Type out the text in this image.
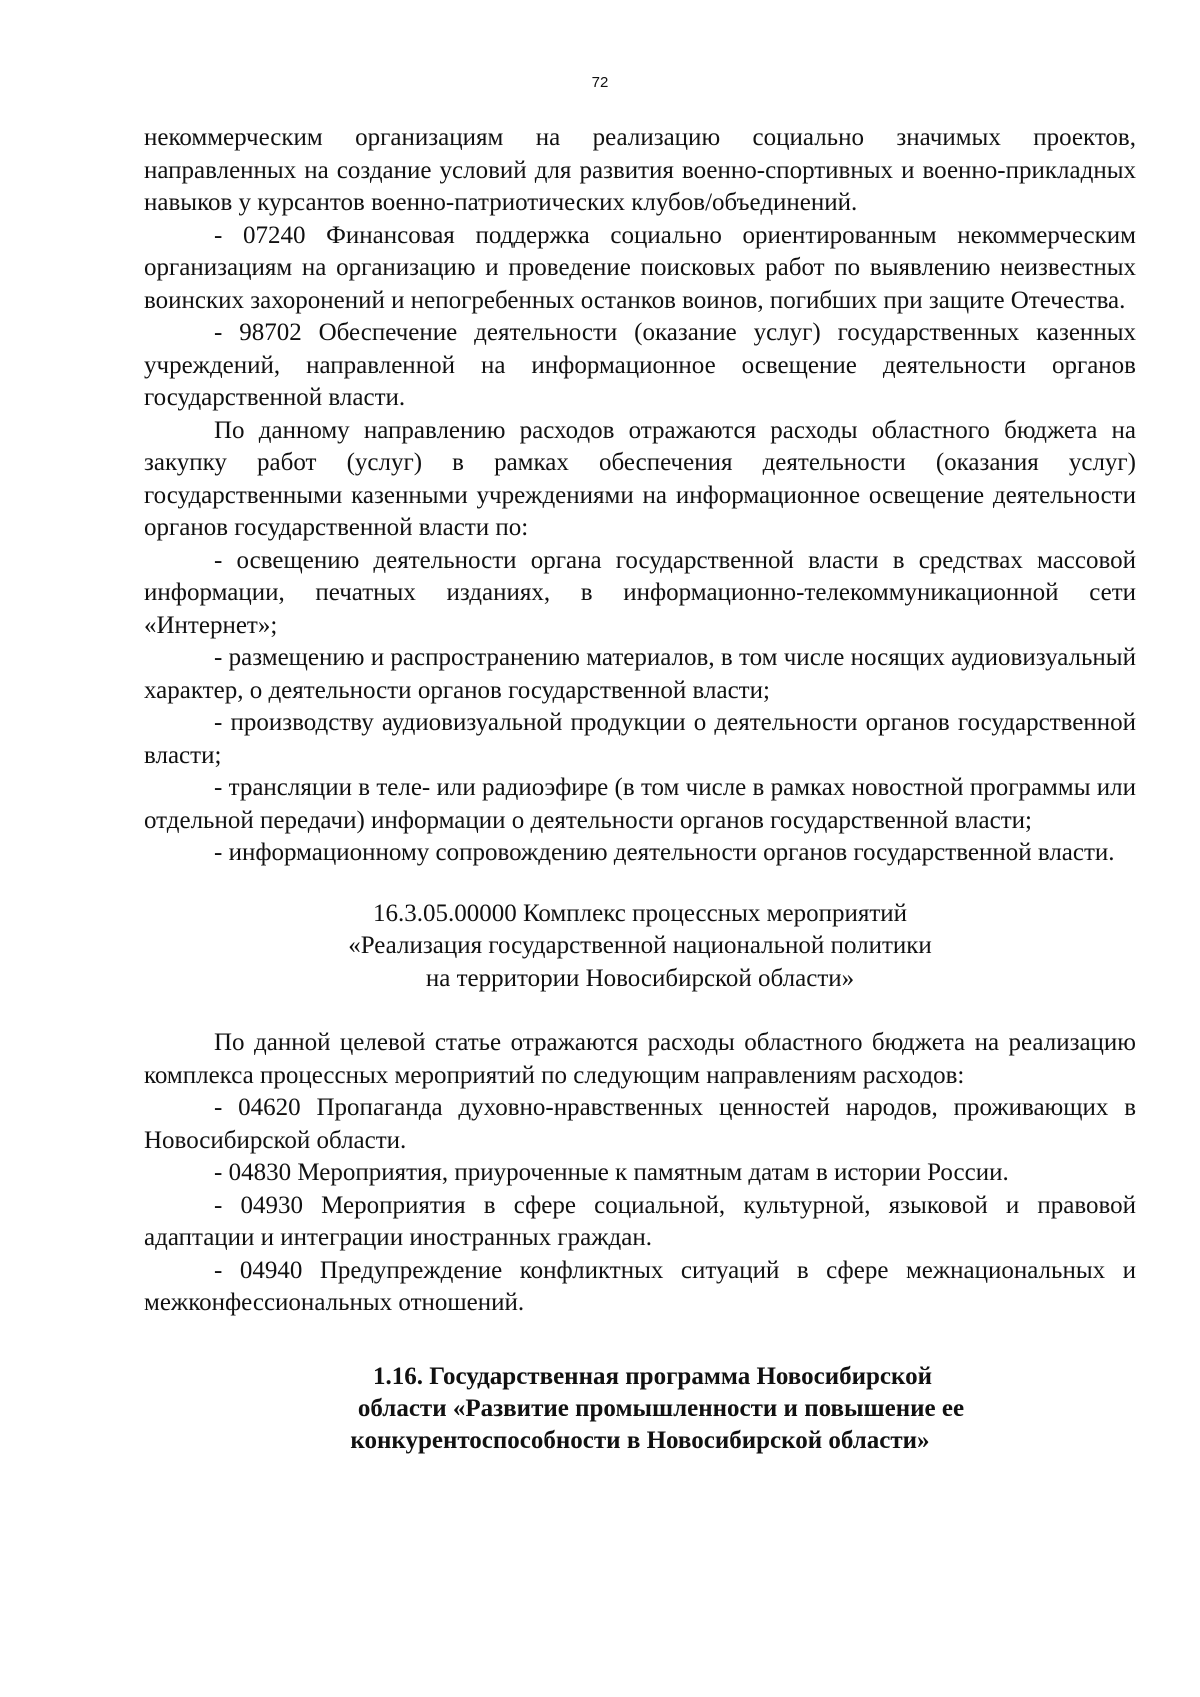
72

некоммерческим организациям на реализацию социально значимых проектов, направленных на создание условий для развития военно-спортивных и военно-прикладных навыков у курсантов военно-патриотических клубов/объединений.

- 07240 Финансовая поддержка социально ориентированным некоммерческим организациям на организацию и проведение поисковых работ по выявлению неизвестных воинских захоронений и непогребенных останков воинов, погибших при защите Отечества.

- 98702 Обеспечение деятельности (оказание услуг) государственных казенных учреждений, направленной на информационное освещение деятельности органов государственной власти.

По данному направлению расходов отражаются расходы областного бюджета на закупку работ (услуг) в рамках обеспечения деятельности (оказания услуг) государственными казенными учреждениями на информационное освещение деятельности органов государственной власти по:

- освещению деятельности органа государственной власти в средствах массовой информации, печатных изданиях, в информационно-телекоммуникационной сети «Интернет»;

- размещению и распространению материалов, в том числе носящих аудиовизуальный характер, о деятельности органов государственной власти;

- производству аудиовизуальной продукции о деятельности органов государственной власти;

- трансляции в теле- или радиоэфире (в том числе в рамках новостной программы или отдельной передачи) информации о деятельности органов государственной власти;

- информационному сопровождению деятельности органов государственной власти.

16.3.05.00000 Комплекс процессных мероприятий
«Реализация государственной национальной политики
на территории Новосибирской области»

По данной целевой статье отражаются расходы областного бюджета на реализацию комплекса процессных мероприятий по следующим направлениям расходов:

- 04620 Пропаганда духовно-нравственных ценностей народов, проживающих в Новосибирской области.

- 04830 Мероприятия, приуроченные к памятным датам в истории России.

- 04930 Мероприятия в сфере социальной, культурной, языковой и правовой адаптации и интеграции иностранных граждан.

- 04940 Предупреждение конфликтных ситуаций в сфере межнациональных и межконфессиональных отношений.

1.16. Государственная программа Новосибирской
области «Развитие промышленности и повышение ее
конкурентоспособности в Новосибирской области»
